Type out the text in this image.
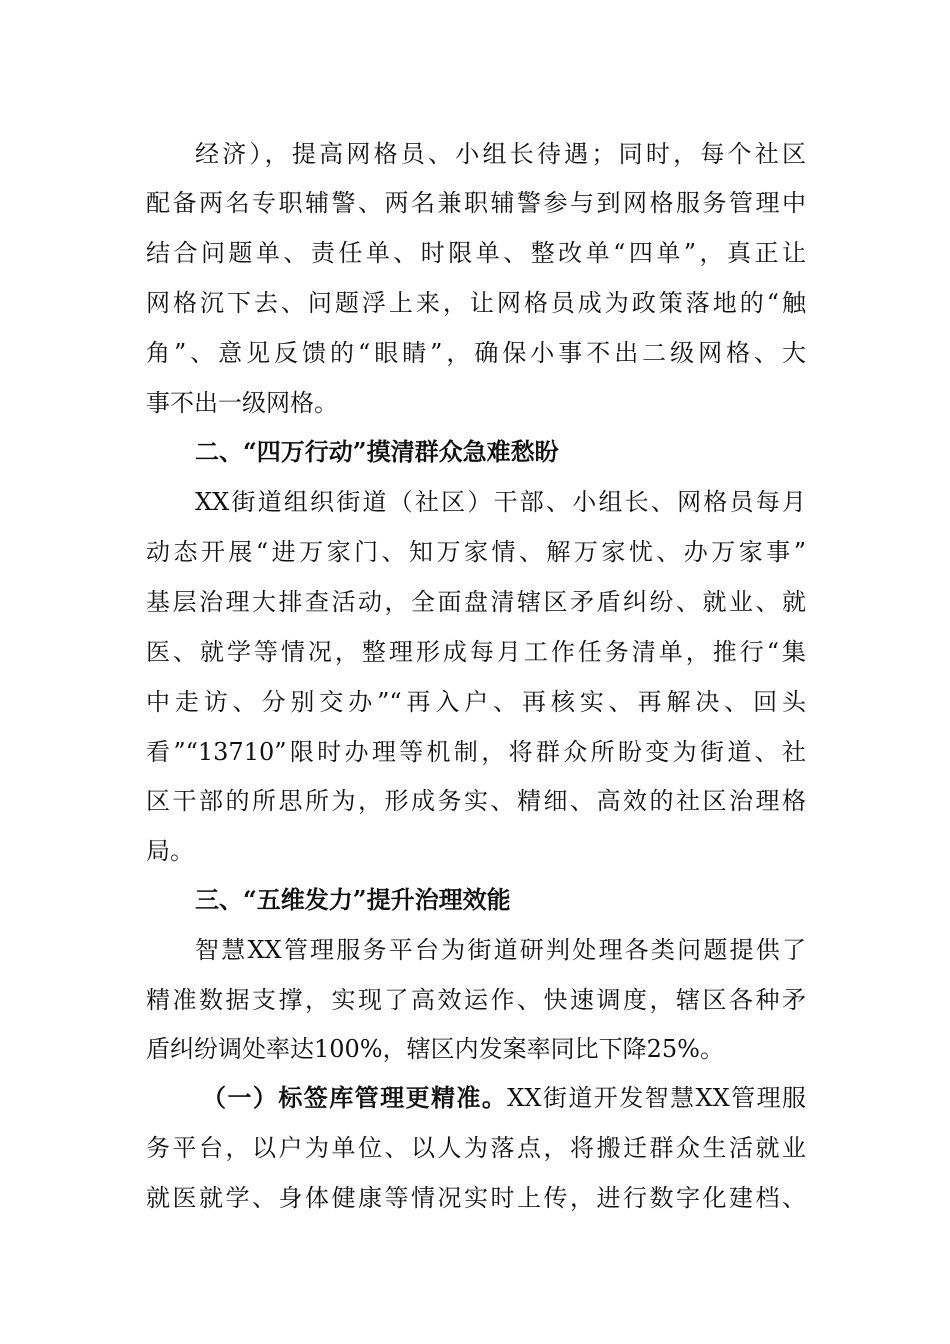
经济），提高网格员、小组长待遇；同时，每个社区
配备两名专职辅警、两名兼职辅警参与到网格服务管理中
结合问题单、责任单、时限单、整改单“四单”，真正让
网格沉下去、问题浮上来，让网格员成为政策落地的“触
角”、意见反馈的“眼睛”，确保小事不出二级网格、大
事不出一级网格。
二、“四万行动”摸清群众急难愁盼
XX街道组织街道（社区）干部、小组长、网格员每月
动态开展“进万家门、知万家情、解万家忧、办万家事”
基层治理大排查活动，全面盘清辖区矛盾纠纷、就业、就
医、就学等情况，整理形成每月工作任务清单，推行“集
中走访、分别交办”“再入户、再核实、再解决、回头
看”“13710”限时办理等机制，将群众所盼变为街道、社
区干部的所思所为，形成务实、精细、高效的社区治理格
局。
三、“五维发力”提升治理效能
智慧XX管理服务平台为街道研判处理各类问题提供了
精准数据支撑，实现了高效运作、快速调度，辖区各种矛
盾纠纷调处率达100%，辖区内发案率同比下降25%。
（一）标签库管理更精准。XX街道开发智慧XX管理服
务平台，以户为单位、以人为落点，将搬迁群众生活就业
就医就学、身体健康等情况实时上传，进行数字化建档、
